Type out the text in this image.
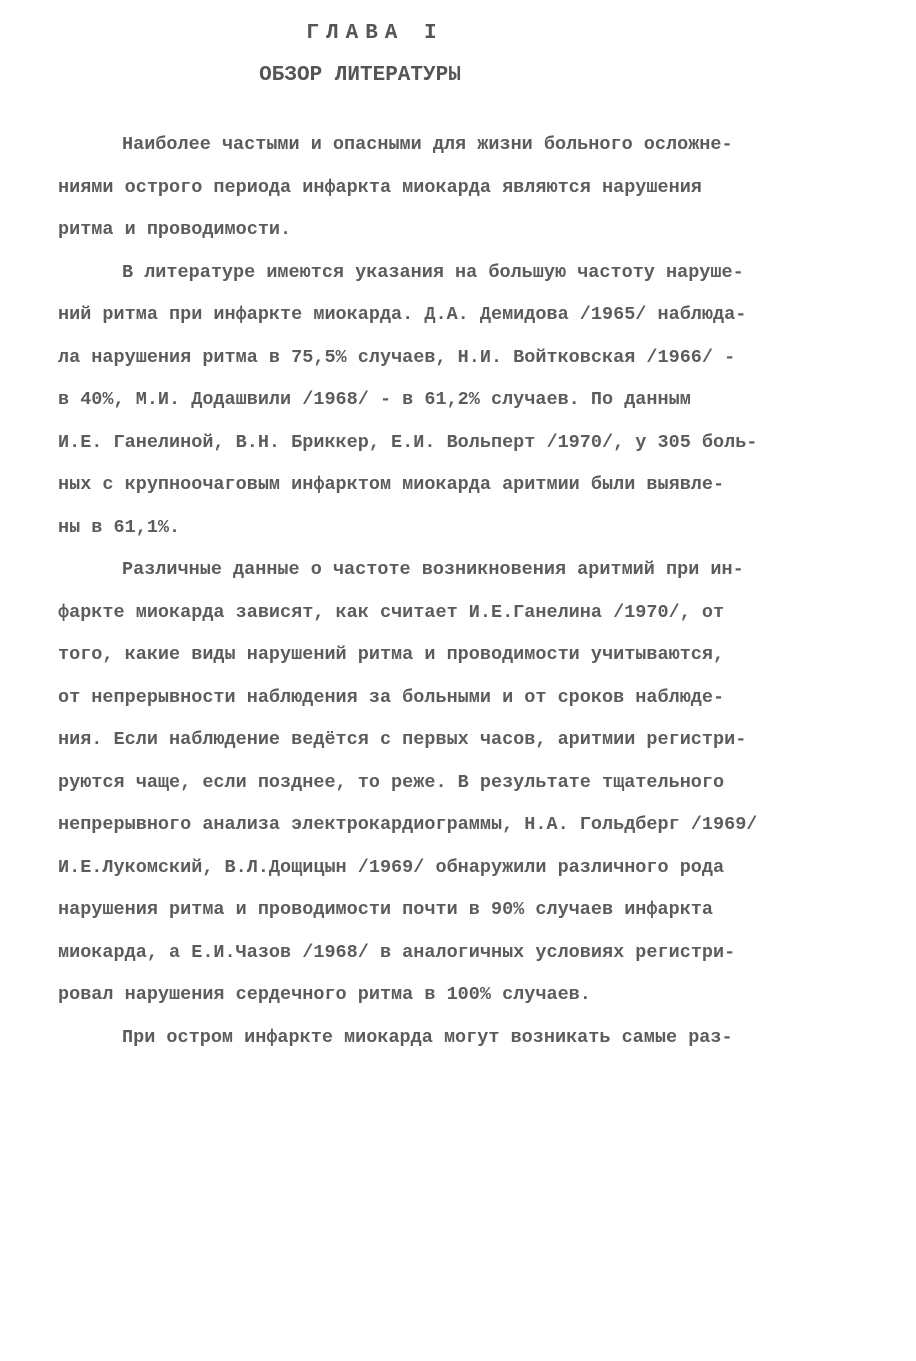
ГЛАВА I
ОБЗОР ЛИТЕРАТУРЫ
Наиболее частыми и опасными для жизни больного осложне-
ниями острого периода инфаркта миокарда являются нарушения
ритма и проводимости.
В литературе имеются указания на большую частоту наруше-
ний ритма при инфаркте миокарда. Д.А. Демидова /1965/ наблюда-
ла нарушения ритма в 75,5% случаев, Н.И. Войтковская /1966/ -
в 40%, М.И. Додашвили /1968/ - в 61,2% случаев. По данным
И.Е. Ганелиной, В.Н. Бриккер, Е.И. Вольперт /1970/, у 305 боль-
ных с крупноочаговым инфарктом миокарда аритмии были выявле-
ны в 61,1%.
Различные данные о частоте возникновения аритмий при ин-
фаркте миокарда зависят, как считает И.Е.Ганелина /1970/, от
того, какие виды нарушений ритма и проводимости учитываются,
от непрерывности наблюдения за больными и от сроков наблюде-
ния. Если наблюдение ведётся с первых часов, аритмии регистри-
руются чаще, если позднее, то реже. В результате тщательного
непрерывного анализа электрокардиограммы, Н.А. Гольдберг /1969/
И.Е.Лукомский, В.Л.Дощицын /1969/ обнаружили различного рода
нарушения ритма и проводимости почти в 90% случаев инфаркта
миокарда, а Е.И.Чазов /1968/ в аналогичных условиях регистри-
ровал нарушения сердечного ритма в 100% случаев.
При остром инфаркте миокарда могут возникать самые раз-
